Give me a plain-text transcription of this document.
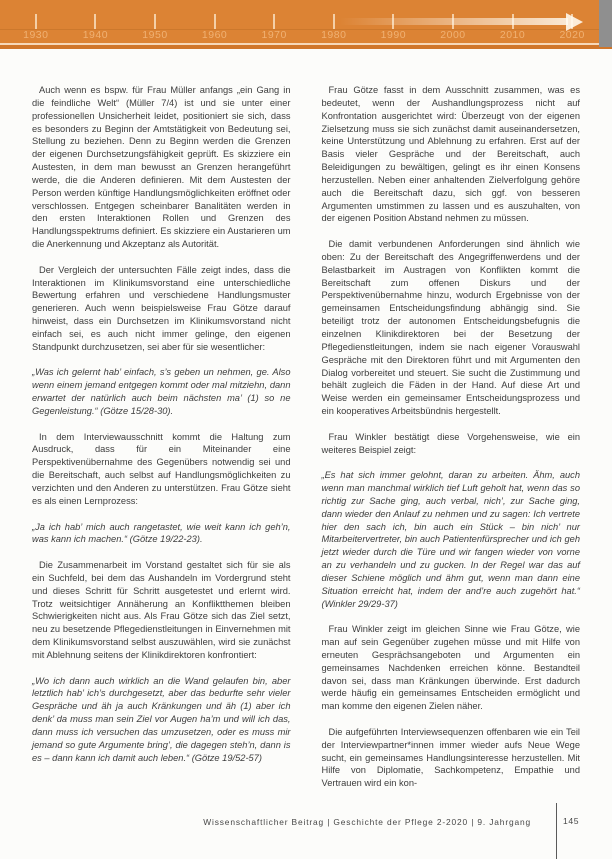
1930	1940	1950	1960	1970	1980	1990	2000	2010	2020

Auch wenn es bspw. für Frau Müller anfangs „ein Gang in die feindliche Welt“ (Müller 7/4) ist und sie unter einer professionellen Unsicherheit leidet, positioniert sie sich, dass es besonders zu Beginn der Amtstätigkeit von Bedeutung sei, Stellung zu beziehen. Denn zu Beginn werden die Grenzen der eigenen Durchsetzungsfähigkeit geprüft. Es skizziere ein Austesten, in dem man bewusst an Grenzen herangeführt werde, die die Anderen definieren. Mit dem Austesten der Person werden künftige Handlungsmöglichkeiten eröffnet oder verschlossen. Entgegen scheinbarer Banalitäten werden in den ersten Interaktionen Rollen und Grenzen des Handlungsspektrums definiert. Es skizziere ein Austarieren um die Anerkennung und Akzeptanz als Autorität.

Der Vergleich der untersuchten Fälle zeigt indes, dass die Interaktionen im Klinikumsvorstand eine unterschiedliche Bewertung erfahren und verschiedene Handlungsmuster generieren. Auch wenn beispielsweise Frau Götze darauf hinweist, dass ein Durchsetzen im Klinikumsvorstand nicht einfach sei, es auch nicht immer gelinge, den eigenen Standpunkt durchzusetzen, sei aber für sie wesentlicher:

„Was ich gelernt hab’ einfach, s’s geben un nehmen, ge. Also wenn einem jemand entgegen kommt oder mal mitziehn, dann erwartet der natürlich auch beim nächsten ma’ (1) so ne Gegenleistung.“ (Götze 15/28-30).

In dem Interviewausschnitt kommt die Haltung zum Ausdruck, dass für ein Miteinander eine Perspektivenübernahme des Gegenübers notwendig sei und die Bereitschaft, auch selbst auf Handlungsmöglichkeiten zu verzichten und den Anderen zu unterstützen. Frau Götze sieht es als einen Lernprozess:

„Ja ich hab’ mich auch rangetastet, wie weit kann ich geh’n, was kann ich machen.“ (Götze 19/22-23).

Die Zusammenarbeit im Vorstand gestaltet sich für sie als ein Suchfeld, bei dem das Aushandeln im Vordergrund steht und dieses Schritt für Schritt ausgetestet und erlernt wird. Trotz weitsichtiger Annäherung an Konfliktthemen bleiben Schwierigkeiten nicht aus. Als Frau Götze sich das Ziel setzt, neu zu besetzende Pflegedienstleitungen in Einvernehmen mit dem Klinikumsvorstand selbst auszuwählen, wird sie zunächst mit Ablehnung seitens der Klinikdirektoren konfrontiert:

„Wo ich dann auch wirklich an die Wand gelaufen bin, aber letztlich hab’ ich’s durchgesetzt, aber das bedurfte sehr vieler Gespräche und äh ja auch Kränkungen und äh (1) aber ich denk’ da muss man sein Ziel vor Augen ha’m und will ich das, dann muss ich versuchen das umzusetzen, oder es muss mir jemand so gute Argumente bring’, die dagegen steh’n, dann is es – dann kann ich damit auch leben.“ (Götze 19/52-57)

Frau Götze fasst in dem Ausschnitt zusammen, was es bedeutet, wenn der Aushandlungsprozess nicht auf Konfrontation ausgerichtet wird: Überzeugt von der eigenen Zielsetzung muss sie sich zunächst damit auseinandersetzen, keine Unterstützung und Ablehnung zu erfahren. Erst auf der Basis vieler Gespräche und der Bereitschaft, auch Beleidigungen zu bewältigen, gelingt es ihr einen Konsens herzustellen. Neben einer anhaltenden Zielverfolgung gehöre auch die Bereitschaft dazu, sich ggf. von besseren Argumenten umstimmen zu lassen und es auszuhalten, von der eigenen Position Abstand nehmen zu müssen.

Die damit verbundenen Anforderungen sind ähnlich wie oben: Zu der Bereitschaft des Angegriffenwerdens und der Belastbarkeit im Austragen von Konflikten kommt die Bereitschaft zum offenen Diskurs und der Perspektivenübernahme hinzu, wodurch Ergebnisse von der gemeinsamen Entscheidungsfindung abhängig sind. Sie beteiligt trotz der autonomen Entscheidungsbefugnis die einzelnen Klinikdirektoren bei der Besetzung der Pflegedienstleitungen, indem sie nach eigener Vorauswahl Gespräche mit den Direktoren führt und mit Argumenten den Dialog vorbereitet und steuert. Sie sucht die Zustimmung und behält zugleich die Fäden in der Hand. Auf diese Art und Weise werden ein gemeinsamer Entscheidungsprozess und ein kooperatives Arbeitsbündnis hergestellt.

Frau Winkler bestätigt diese Vorgehensweise, wie ein weiteres Beispiel zeigt:

„Es hat sich immer gelohnt, daran zu arbeiten. Ähm, auch wenn man manchmal wirklich tief Luft geholt hat, wenn das so richtig zur Sache ging, auch verbal, nich’, zur Sache ging, dann wieder den Anlauf zu nehmen und zu sagen: Ich vertrete hier den sach ich, bin auch ein Stück – bin nich’ nur Mitarbeitervertreter, bin auch Patientenfürsprecher und ich geh jetzt wieder durch die Türe und wir fangen wieder von vorne an zu verhandeln und zu gucken. In der Regel war das auf dieser Schiene möglich und ähm gut, wenn man dann eine Situation erreicht hat, indem der and’re auch zugehört hat.“ (Winkler 29/29-37)

Frau Winkler zeigt im gleichen Sinne wie Frau Götze, wie man auf sein Gegenüber zugehen müsse und mit Hilfe von erneuten Gesprächsangeboten und Argumenten ein gemeinsames Nachdenken erreichen könne. Bestandteil davon sei, dass man Kränkungen überwinde. Erst dadurch werde häufig ein gemeinsames Entscheiden ermöglicht und man komme den eigenen Zielen näher.

Die aufgeführten Interviewsequenzen offenbaren wie ein Teil der Interviewpartner*innen immer wieder aufs Neue Wege sucht, ein gemeinsames Handlungsinteresse herzustellen. Mit Hilfe von Diplomatie, Sachkompetenz, Empathie und Vertrauen wird ein kon-

Wissenschaftlicher Beitrag | Geschichte der Pflege 2-2020 | 9. Jahrgang	145
